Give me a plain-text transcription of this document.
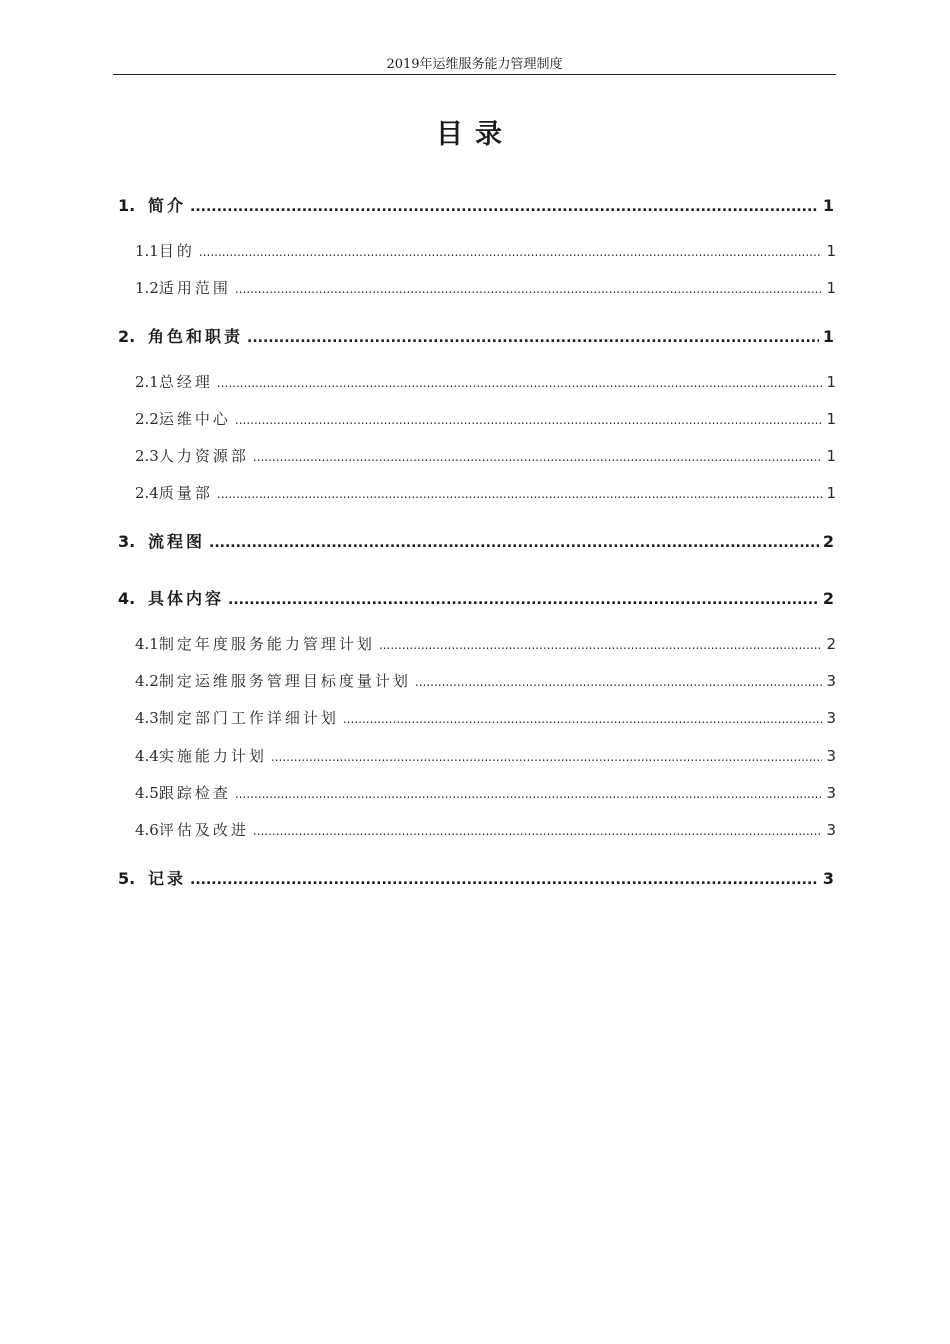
2019年运维服务能力管理制度
目录
1. 简介 .....	1
1.1 目的 .....	1
1.2 适用范围 .....	1
2. 角色和职责 .....	1
2.1 总经理 .....	1
2.2 运维中心 .....	1
2.3 人力资源部 .....	1
2.4 质量部 .....	1
3. 流程图 .....	2
4. 具体内容 .....	2
4.1 制定年度服务能力管理计划 .....	2
4.2 制定运维服务管理目标度量计划 .....	3
4.3 制定部门工作详细计划 .....	3
4.4 实施能力计划 .....	3
4.5 跟踪检查 .....	3
4.6 评估及改进 .....	3
5. 记录 .....	3
